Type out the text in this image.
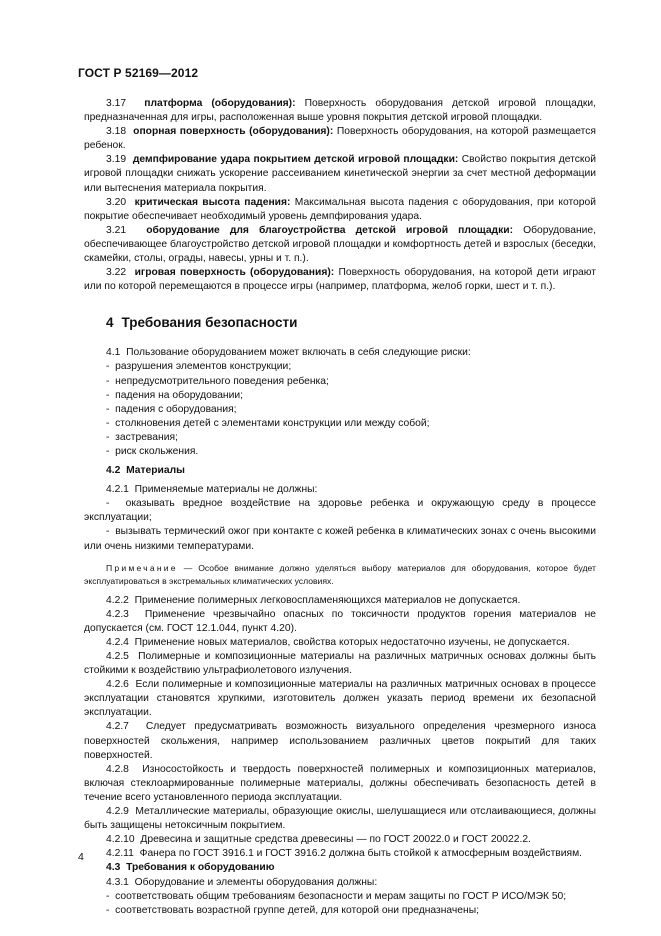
ГОСТ Р 52169—2012

3.17 платформа (оборудования): Поверхность оборудования детской игровой площадки, предназначенная для игры, расположенная выше уровня покрытия детской игровой площадки.

3.18 опорная поверхность (оборудования): Поверхность оборудования, на которой размещается ребенок.

3.19 демпфирование удара покрытием детской игровой площадки: Свойство покрытия детской игровой площадки снижать ускорение рассеиванием кинетической энергии за счет местной деформации или вытеснения материала покрытия.

3.20 критическая высота падения: Максимальная высота падения с оборудования, при которой покрытие обеспечивает необходимый уровень демпфирования удара.

3.21 оборудование для благоустройства детской игровой площадки: Оборудование, обеспечивающее благоустройство детской игровой площадки и комфортность детей и взрослых (беседки, скамейки, столы, ограды, навесы, урны и т. п.).

3.22 игровая поверхность (оборудования): Поверхность оборудования, на которой дети играют или по которой перемещаются в процессе игры (например, платформа, желоб горки, шест и т. п.).

4 Требования безопасности

4.1 Пользование оборудованием может включать в себя следующие риски:

-  разрушения элементов конструкции;

-  непредусмотрительного поведения ребенка;

-  падения на оборудовании;

-  падения с оборудования;

-  столкновения детей с элементами конструкции или между собой;

-  застревания;

-  риск скольжения.

4.2 Материалы

4.2.1 Применяемые материалы не должны:

-  оказывать вредное воздействие на здоровье ребенка и окружающую среду в процессе эксплуатации;

-  вызывать термический ожог при контакте с кожей ребенка в климатических зонах с очень высокими или очень низкими температурами.

Примечание — Особое внимание должно уделяться выбору материалов для оборудования, которое будет эксплуатироваться в экстремальных климатических условиях.

4.2.2 Применение полимерных легковоспламеняющихся материалов не допускается.

4.2.3 Применение чрезвычайно опасных по токсичности продуктов горения материалов не допускается (см. ГОСТ 12.1.044, пункт 4.20).

4.2.4 Применение новых материалов, свойства которых недостаточно изучены, не допускается.

4.2.5 Полимерные и композиционные материалы на различных матричных основах должны быть стойкими к воздействию ультрафиолетового излучения.

4.2.6 Если полимерные и композиционные материалы на различных матричных основах в процессе эксплуатации становятся хрупкими, изготовитель должен указать период времени их безопасной эксплуатации.

4.2.7 Следует предусматривать возможность визуального определения чрезмерного износа поверхностей скольжения, например использованием различных цветов покрытий для таких поверхностей.

4.2.8 Износостойкость и твердость поверхностей полимерных и композиционных материалов, включая стеклоармированные полимерные материалы, должны обеспечивать безопасность детей в течение всего установленного периода эксплуатации.

4.2.9 Металлические материалы, образующие окислы, шелушащиеся или отслаивающиеся, должны быть защищены нетоксичным покрытием.

4.2.10 Древесина и защитные средства древесины — по ГОСТ 20022.0 и ГОСТ 20022.2.

4.2.11 Фанера по ГОСТ 3916.1 и ГОСТ 3916.2 должна быть стойкой к атмосферным воздействиям.

4.3 Требования к оборудованию

4.3.1 Оборудование и элементы оборудования должны:

-  соответствовать общим требованиям безопасности и мерам защиты по ГОСТ Р ИСО/МЭК 50;

-  соответствовать возрастной группе детей, для которой они предназначены;

4
